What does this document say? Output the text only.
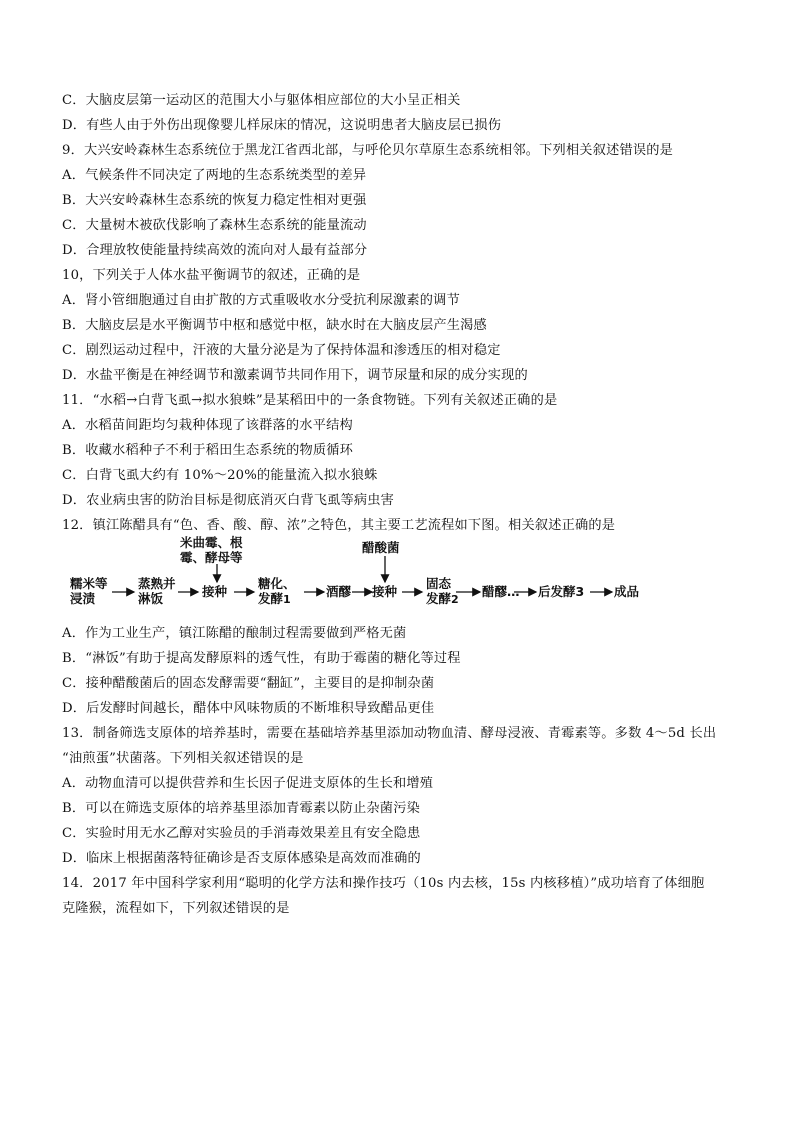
C．大脑皮层第一运动区的范围大小与躯体相应部位的大小呈正相关
D．有些人由于外伤出现像婴儿样尿床的情况，这说明患者大脑皮层已损伤
9．大兴安岭森林生态系统位于黑龙江省西北部，与呼伦贝尔草原生态系统相邻。下列相关叙述错误的是
A．气候条件不同决定了两地的生态系统类型的差异
B．大兴安岭森林生态系统的恢复力稳定性相对更强
C．大量树木被砍伐影响了森林生态系统的能量流动
D．合理放牧使能量持续高效的流向对人最有益部分
10，下列关于人体水盐平衡调节的叙述，正确的是
A．肾小管细胞通过自由扩散的方式重吸收水分受抗利尿激素的调节
B．大脑皮层是水平衡调节中枢和感觉中枢，缺水时在大脑皮层产生渴感
C．剧烈运动过程中，汗液的大量分泌是为了保持体温和渗透压的相对稳定
D．水盐平衡是在神经调节和激素调节共同作用下，调节尿量和尿的成分实现的
11．“水稻→白背飞虱→拟水狼蛛”是某稻田中的一条食物链。下列有关叙述正确的是
A．水稻苗间距均匀栽种体现了该群落的水平结构
B．收藏水稻种子不利于稻田生态系统的物质循环
C．白背飞虱大约有 10%～20%的能量流入拟水狼蛛
D．农业病虫害的防治目标是彻底消灭白背飞虱等病虫害
12．镇江陈醋具有“色、香、酸、醇、浓”之特色，其主要工艺流程如下图。相关叙述正确的是
米曲霉、根
霉、酵母等
醋酸菌
糯米等
浸渍
蒸熟并
淋饭	接种
糖化、
发酵1
酒醪 接种
固态
发酵2
醋醪… 后发酵3 成品
A．作为工业生产，镇江陈醋的酿制过程需要做到严格无菌
B．“淋饭”有助于提高发酵原料的透气性，有助于霉菌的糖化等过程
C．接种醋酸菌后的固态发酵需要“翻缸”，主要目的是抑制杂菌
D．后发酵时间越长，醋体中风味物质的不断堆积导致醋品更佳
13．制备筛选支原体的培养基时，需要在基础培养基里添加动物血清、酵母浸液、青霉素等。多数 4～5d 长出
“油煎蛋”状菌落。下列相关叙述错误的是
A．动物血清可以提供营养和生长因子促进支原体的生长和增殖
B．可以在筛选支原体的培养基里添加青霉素以防止杂菌污染
C．实验时用无水乙醇对实验员的手消毒效果差且有安全隐患
D．临床上根据菌落特征确诊是否支原体感染是高效而准确的
14．2017 年中国科学家利用“聪明的化学方法和操作技巧（10s 内去核，15s 内核移植）”成功培育了体细胞
克隆猴，流程如下，下列叙述错误的是
